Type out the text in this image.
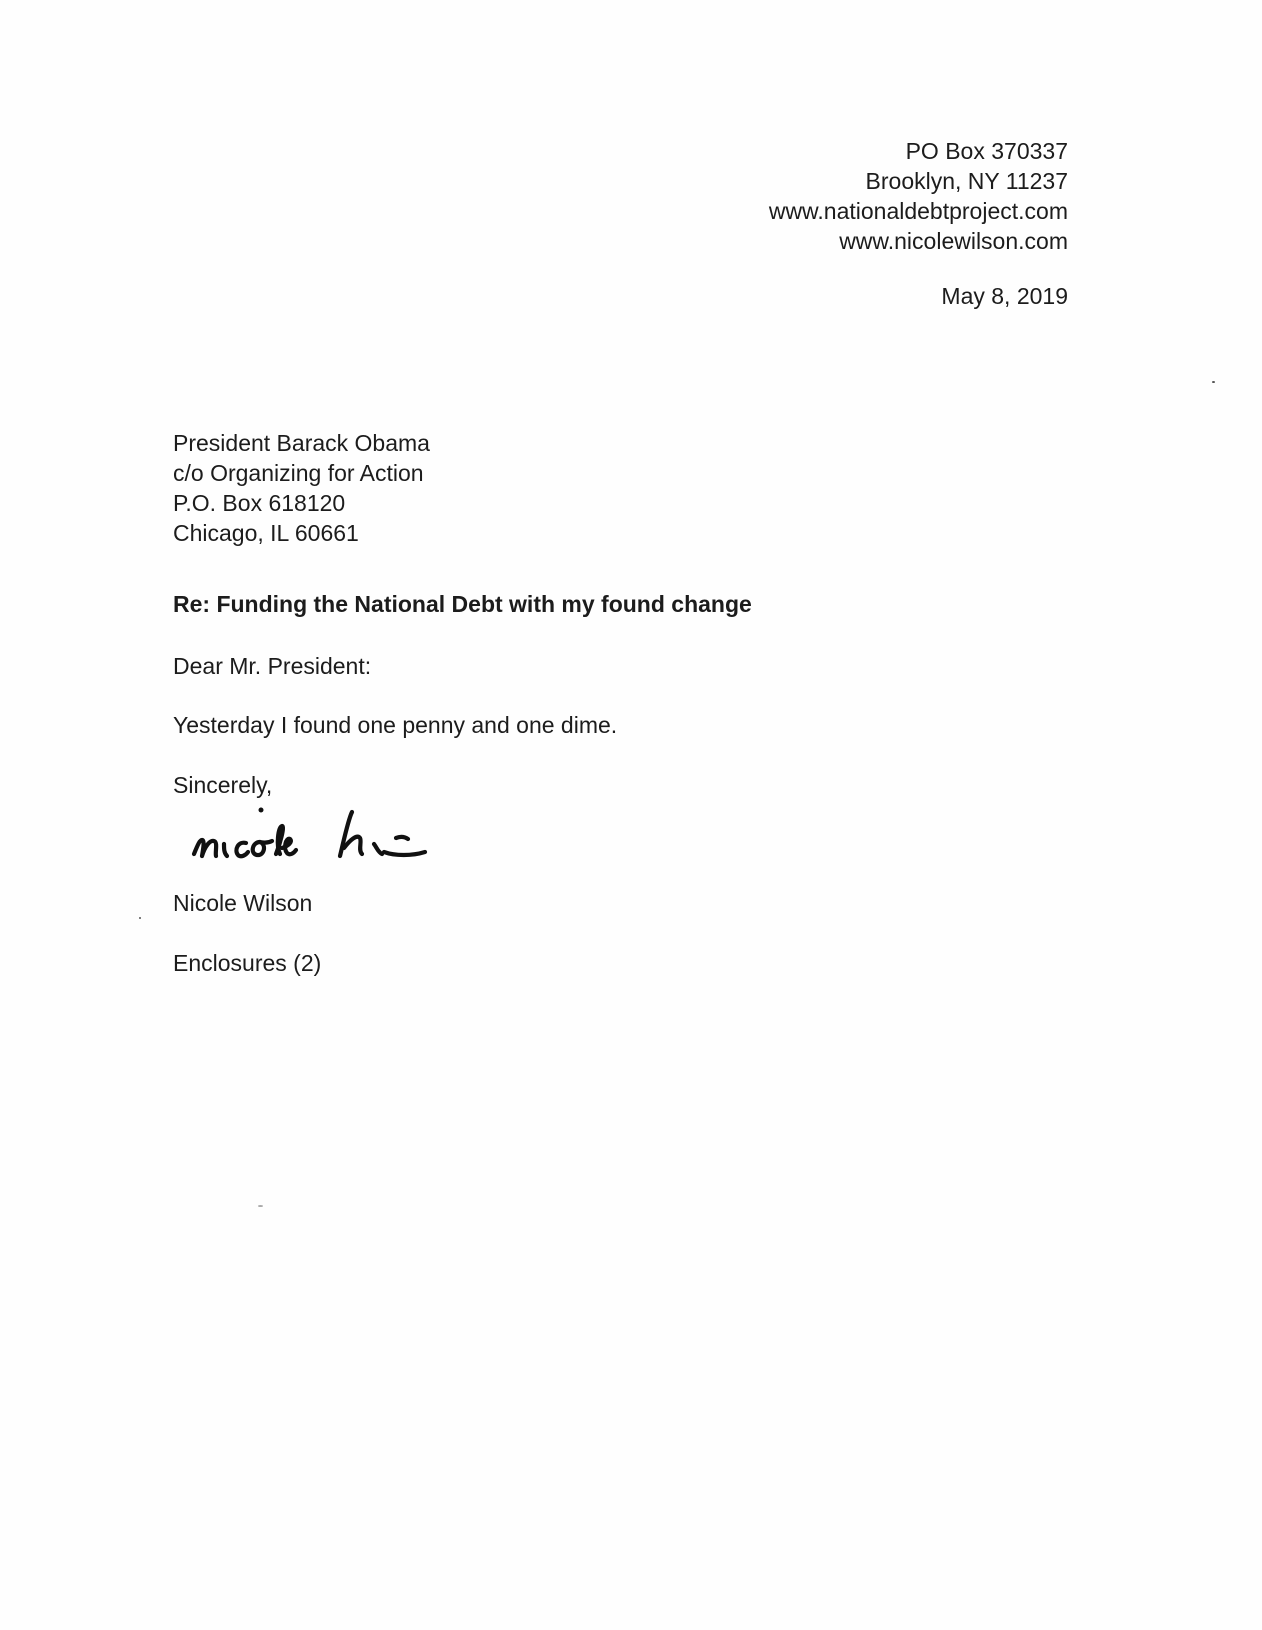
PO Box 370337
Brooklyn, NY 11237
www.nationaldebtproject.com
www.nicolewilson.com
May 8, 2019
President Barack Obama
c/o Organizing for Action
P.O. Box 618120
Chicago, IL 60661
Re: Funding the National Debt with my found change
Dear Mr. President:
Yesterday I found one penny and one dime.
Sincerely,
Nicole Wilson
Enclosures (2)
